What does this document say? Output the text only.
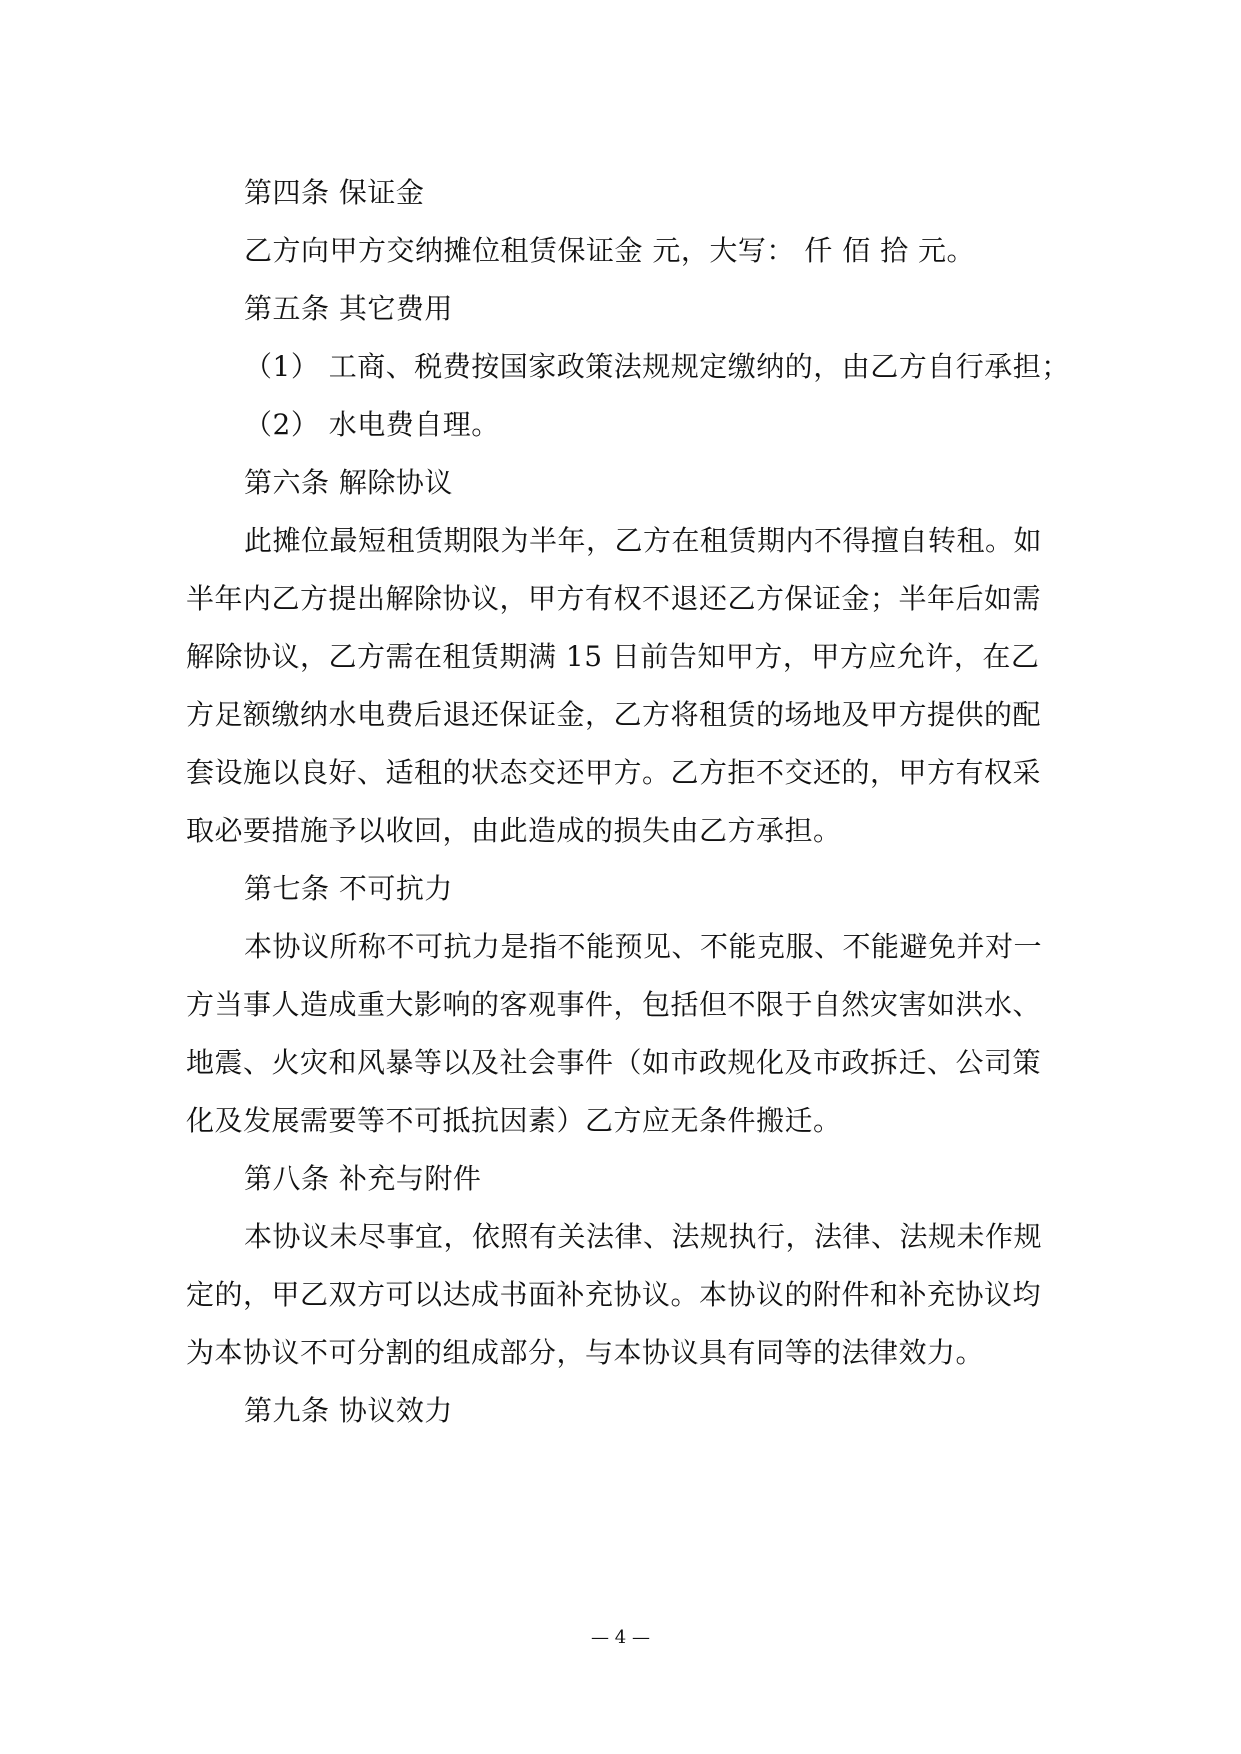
第四条 保证金
乙方向甲方交纳摊位租赁保证金 元，大写： 仟 佰 拾 元。
第五条 其它费用
（1） 工商、税费按国家政策法规规定缴纳的，由乙方自行承担；
（2） 水电费自理。
第六条 解除协议
此摊位最短租赁期限为半年，乙方在租赁期内不得擅自转租。如
半年内乙方提出解除协议，甲方有权不退还乙方保证金；半年后如需
解除协议，乙方需在租赁期满 15 日前告知甲方，甲方应允许，在乙
方足额缴纳水电费后退还保证金，乙方将租赁的场地及甲方提供的配
套设施以良好、适租的状态交还甲方。乙方拒不交还的，甲方有权采
取必要措施予以收回，由此造成的损失由乙方承担。
第七条 不可抗力
本协议所称不可抗力是指不能预见、不能克服、不能避免并对一
方当事人造成重大影响的客观事件，包括但不限于自然灾害如洪水、
地震、火灾和风暴等以及社会事件（如市政规化及市政拆迁、公司策
化及发展需要等不可抵抗因素）乙方应无条件搬迁。
第八条 补充与附件
本协议未尽事宜，依照有关法律、法规执行，法律、法规未作规
定的，甲乙双方可以达成书面补充协议。本协议的附件和补充协议均
为本协议不可分割的组成部分，与本协议具有同等的法律效力。
第九条 协议效力
— 4 —
